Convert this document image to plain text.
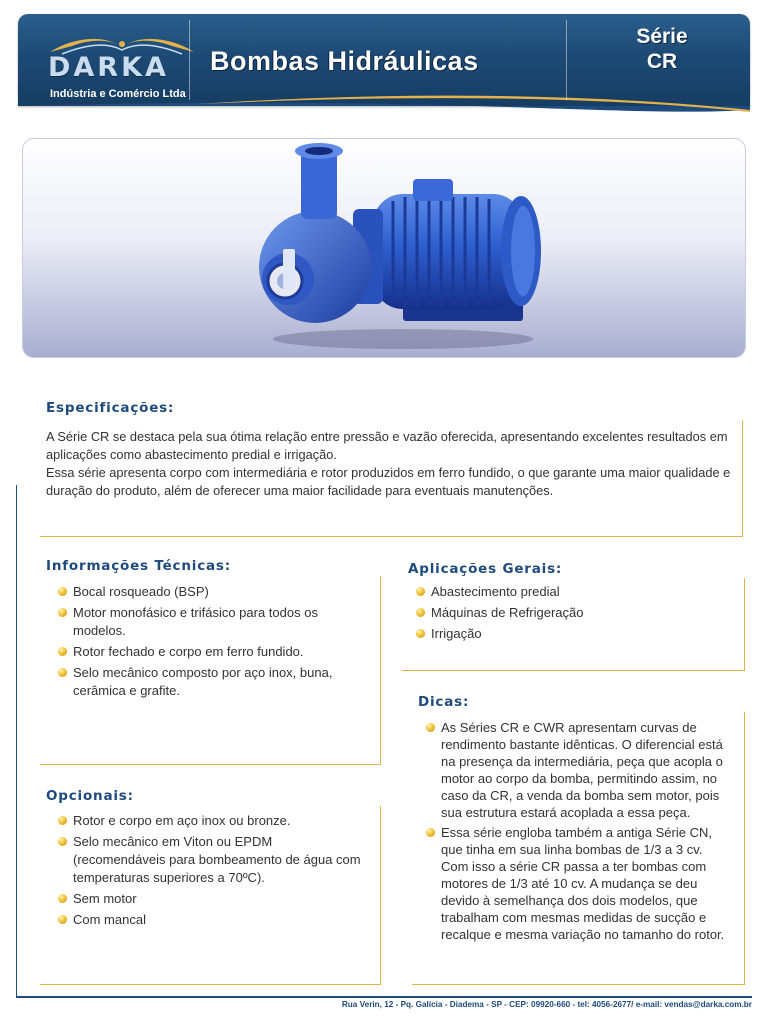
DARKA
Indústria e Comércio Ltda
Bombas Hidráulicas
Série
CR
Especificações:
A Série CR se destaca pela sua ótima relação entre pressão e vazão oferecida, apresentando excelentes resultados em aplicações como abastecimento predial e irrigação.
Essa série apresenta corpo com intermediária e rotor produzidos em ferro fundido, o que garante uma maior qualidade e duração do produto, além de oferecer uma maior facilidade para eventuais manutenções.
Informações Técnicas:
Bocal rosqueado (BSP)
Motor monofásico e trifásico para todos os modelos.
Rotor fechado e corpo em ferro fundido.
Selo mecânico composto por aço inox, buna, cerâmica e grafite.
Aplicações Gerais:
Abastecimento predial
Máquinas de Refrigeração
Irrigação
Dicas:
As Séries CR e CWR apresentam curvas de rendimento bastante idênticas. O diferencial está na presença da intermediária, peça que acopla o motor ao corpo da bomba, permitindo assim, no caso da CR, a venda da bomba sem motor, pois sua estrutura estará acoplada a essa peça.
Essa série engloba também a antiga Série CN, que tinha em sua linha bombas de 1/3 a 3 cv. Com isso a série CR passa a ter bombas com motores de 1/3 até 10 cv. A mudança se deu devido à semelhança dos dois modelos, que trabalham com mesmas medidas de sucção e recalque e mesma variação no tamanho do rotor.
Opcionais:
Rotor e corpo em aço inox ou bronze.
Selo mecânico em Viton ou EPDM (recomendáveis para bombeamento de água com temperaturas superiores a 70ºC).
Sem motor
Com mancal
Rua Verin, 12 - Pq. Galícia - Diadema - SP - CEP: 09920-660 - tel: 4056-2677/ e-mail: vendas@darka.com.br
